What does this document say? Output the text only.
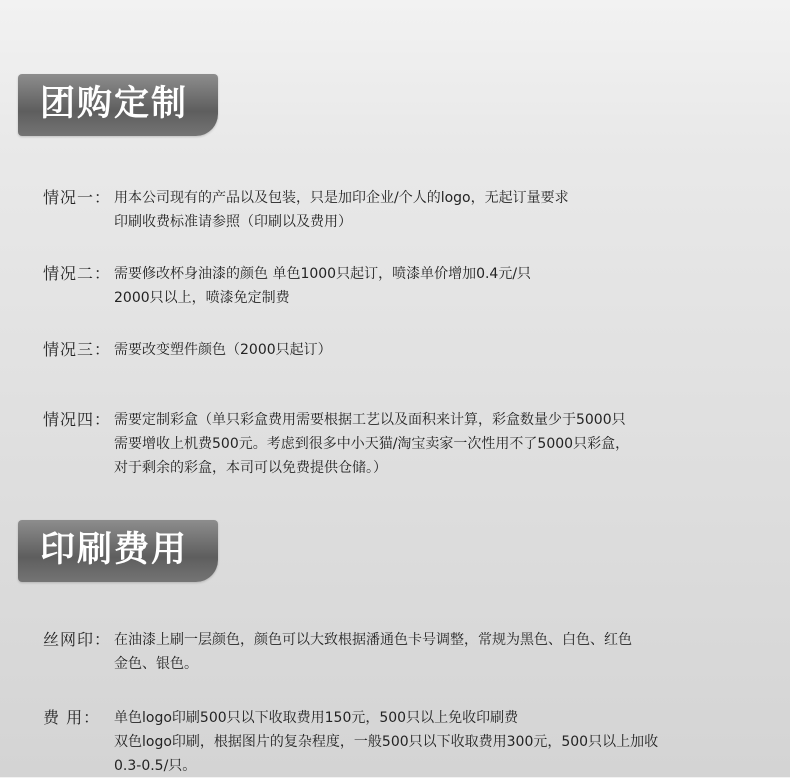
团购定制
情况一： 用本公司现有的产品以及包装，只是加印企业/个人的logo，无起订量要求

印刷收费标准请参照（印刷以及费用）

情况二： 需要修改杯身油漆的颜色 单色1000只起订，喷漆单价增加0.4元/只

2000只以上，喷漆免定制费

情况三： 需要改变塑件颜色（2000只起订）

情况四： 需要定制彩盒（单只彩盒费用需要根据工艺以及面积来计算，彩盒数量少于5000只

需要增收上机费500元。考虑到很多中小天猫/淘宝卖家一次性用不了5000只彩盒，

对于剩余的彩盒，本司可以免费提供仓储。）

印刷费用
丝网印： 在油漆上刷一层颜色，颜色可以大致根据潘通色卡号调整，常规为黑色、白色、红色

金色、银色。

费 用： 单色logo印刷500只以下收取费用150元，500只以上免收印刷费

双色logo印刷，根据图片的复杂程度，一般500只以下收取费用300元，500只以上加收

0.3-0.5/只。
